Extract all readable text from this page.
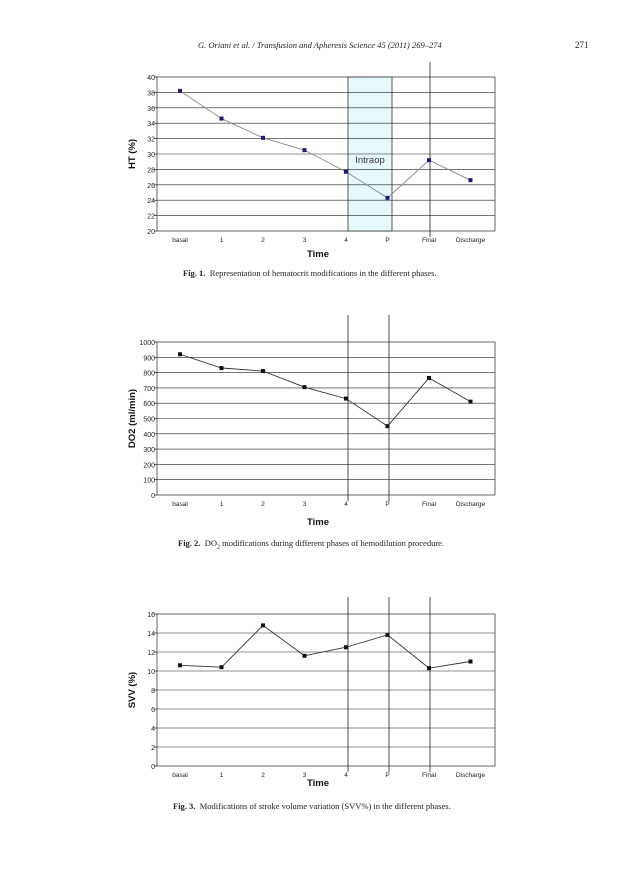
G. Oriani et al. / Transfusion and Apheresis Science 45 (2011) 269–274	271
20
22
24
26
28
30
32
34
36
38
40
Intraop
basal	1	2	3	4	P	Final	Discharge
Time
HT (%)
Fig. 1. Representation of hematocrit modifications in the different phases.
0
100
200
300
400
500
600
700
800
900
1000
basal	1	2	3	4	P	Final	Discharge
Time
DO2 (ml/min)
Fig. 2. $DO_2$ modifications during different phases of hemodilution procedure.
0
2
4
6
8
10
12
14
16
basal	1	2	3	4	P	Final	Discharge
Time
SVV (%)
Fig. 3. Modifications of stroke volume variation (SVV%) in the different phases.
